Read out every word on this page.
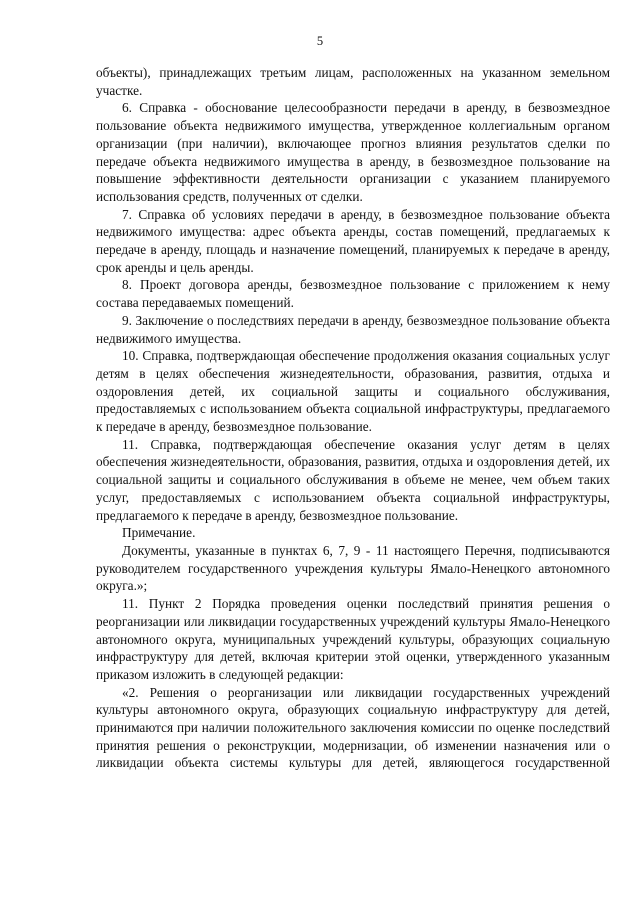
5

объекты), принадлежащих третьим лицам, расположенных на указанном земельном участке.

6. Справка - обоснование целесообразности передачи в аренду, в безвозмездное пользование объекта недвижимого имущества, утвержденное коллегиальным органом организации (при наличии), включающее прогноз влияния результатов сделки по передаче объекта недвижимого имущества в аренду, в безвозмездное пользование на повышение эффективности деятельности организации с указанием планируемого использования средств, полученных от сделки.

7. Справка об условиях передачи в аренду, в безвозмездное пользование объекта недвижимого имущества: адрес объекта аренды, состав помещений, предлагаемых к передаче в аренду, площадь и назначение помещений, планируемых к передаче в аренду, срок аренды и цель аренды.

8. Проект договора аренды, безвозмездное пользование с приложением к нему состава передаваемых помещений.

9. Заключение о последствиях передачи в аренду, безвозмездное пользование объекта недвижимого имущества.

10. Справка, подтверждающая обеспечение продолжения оказания социальных услуг детям в целях обеспечения жизнедеятельности, образования, развития, отдыха и оздоровления детей, их социальной защиты и социального обслуживания, предоставляемых с использованием объекта социальной инфраструктуры, предлагаемого к передаче в аренду, безвозмездное пользование.

11. Справка, подтверждающая обеспечение оказания услуг детям в целях обеспечения жизнедеятельности, образования, развития, отдыха и оздоровления детей, их социальной защиты и социального обслуживания в объеме не менее, чем объем таких услуг, предоставляемых с использованием объекта социальной инфраструктуры, предлагаемого к передаче в аренду, безвозмездное пользование.

Примечание.

Документы, указанные в пунктах 6, 7, 9 - 11 настоящего Перечня, подписываются руководителем государственного учреждения культуры Ямало-Ненецкого автономного округа.»;

11. Пункт 2 Порядка проведения оценки последствий принятия решения о реорганизации или ликвидации государственных учреждений культуры Ямало-Ненецкого автономного округа, муниципальных учреждений культуры, образующих социальную инфраструктуру для детей, включая критерии этой оценки, утвержденного указанным приказом изложить в следующей редакции:

«2. Решения о реорганизации или ликвидации государственных учреждений культуры автономного округа, образующих социальную инфраструктуру для детей, принимаются при наличии положительного заключения комиссии по оценке последствий принятия решения о реконструкции, модернизации, об изменении назначения или о ликвидации объекта системы культуры для детей, являющегося государственной
